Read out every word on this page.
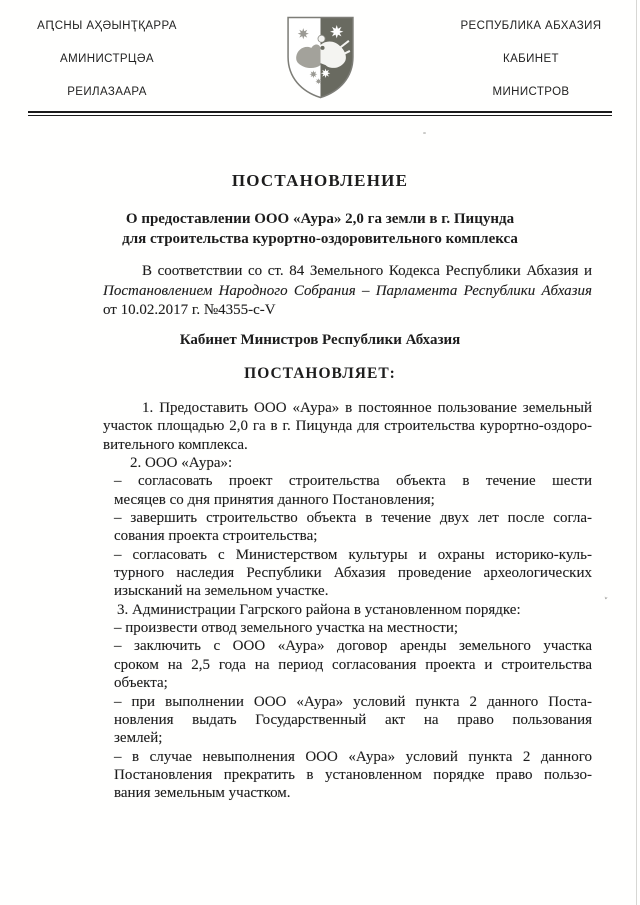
АԤСНЫ АҲӘЫНҬҚАРРА
АМИНИСТРЦӘА
РЕИЛАЗААРА
РЕСПУБЛИКА АБХАЗИЯ
КАБИНЕТ
МИНИСТРОВ
ПОСТАНОВЛЕНИЕ
О предоставлении ООО «Аура» 2,0 га земли в г. Пицунда
для строительства курортно-оздоровительного комплекса
В соответствии со ст. 84 Земельного Кодекса Республики Абхазия и
Постановлением Народного Собрания – Парламента Республики Абхазия
от 10.02.2017 г. №4355-с-V
Кабинет Министров Республики Абхазия
ПОСТАНОВЛЯЕТ:
1. Предоставить ООО «Аура» в постоянное пользование земельный
участок площадью 2,0 га в г. Пицунда для строительства курортно-оздоро-
вительного комплекса.
2. ООО «Аура»:
– согласовать проект строительства объекта в течение шести
месяцев со дня принятия данного Постановления;
– завершить строительство объекта в течение двух лет после согла-
сования проекта строительства;
– согласовать с Министерством культуры и охраны историко-куль-
турного наследия Республики Абхазия проведение археологических
изысканий на земельном участке.
3. Администрации Гагрского района в установленном порядке:
– произвести отвод земельного участка на местности;
– заключить с ООО «Аура» договор аренды земельного участка
сроком на 2,5 года на период согласования проекта и строительства
объекта;
– при выполнении ООО «Аура» условий пункта 2 данного Поста-
новления выдать Государственный акт на право пользования
землей;
– в случае невыполнения ООО «Аура» условий пункта 2 данного
Постановления прекратить в установленном порядке право пользо-
вания земельным участком.
ˬ
